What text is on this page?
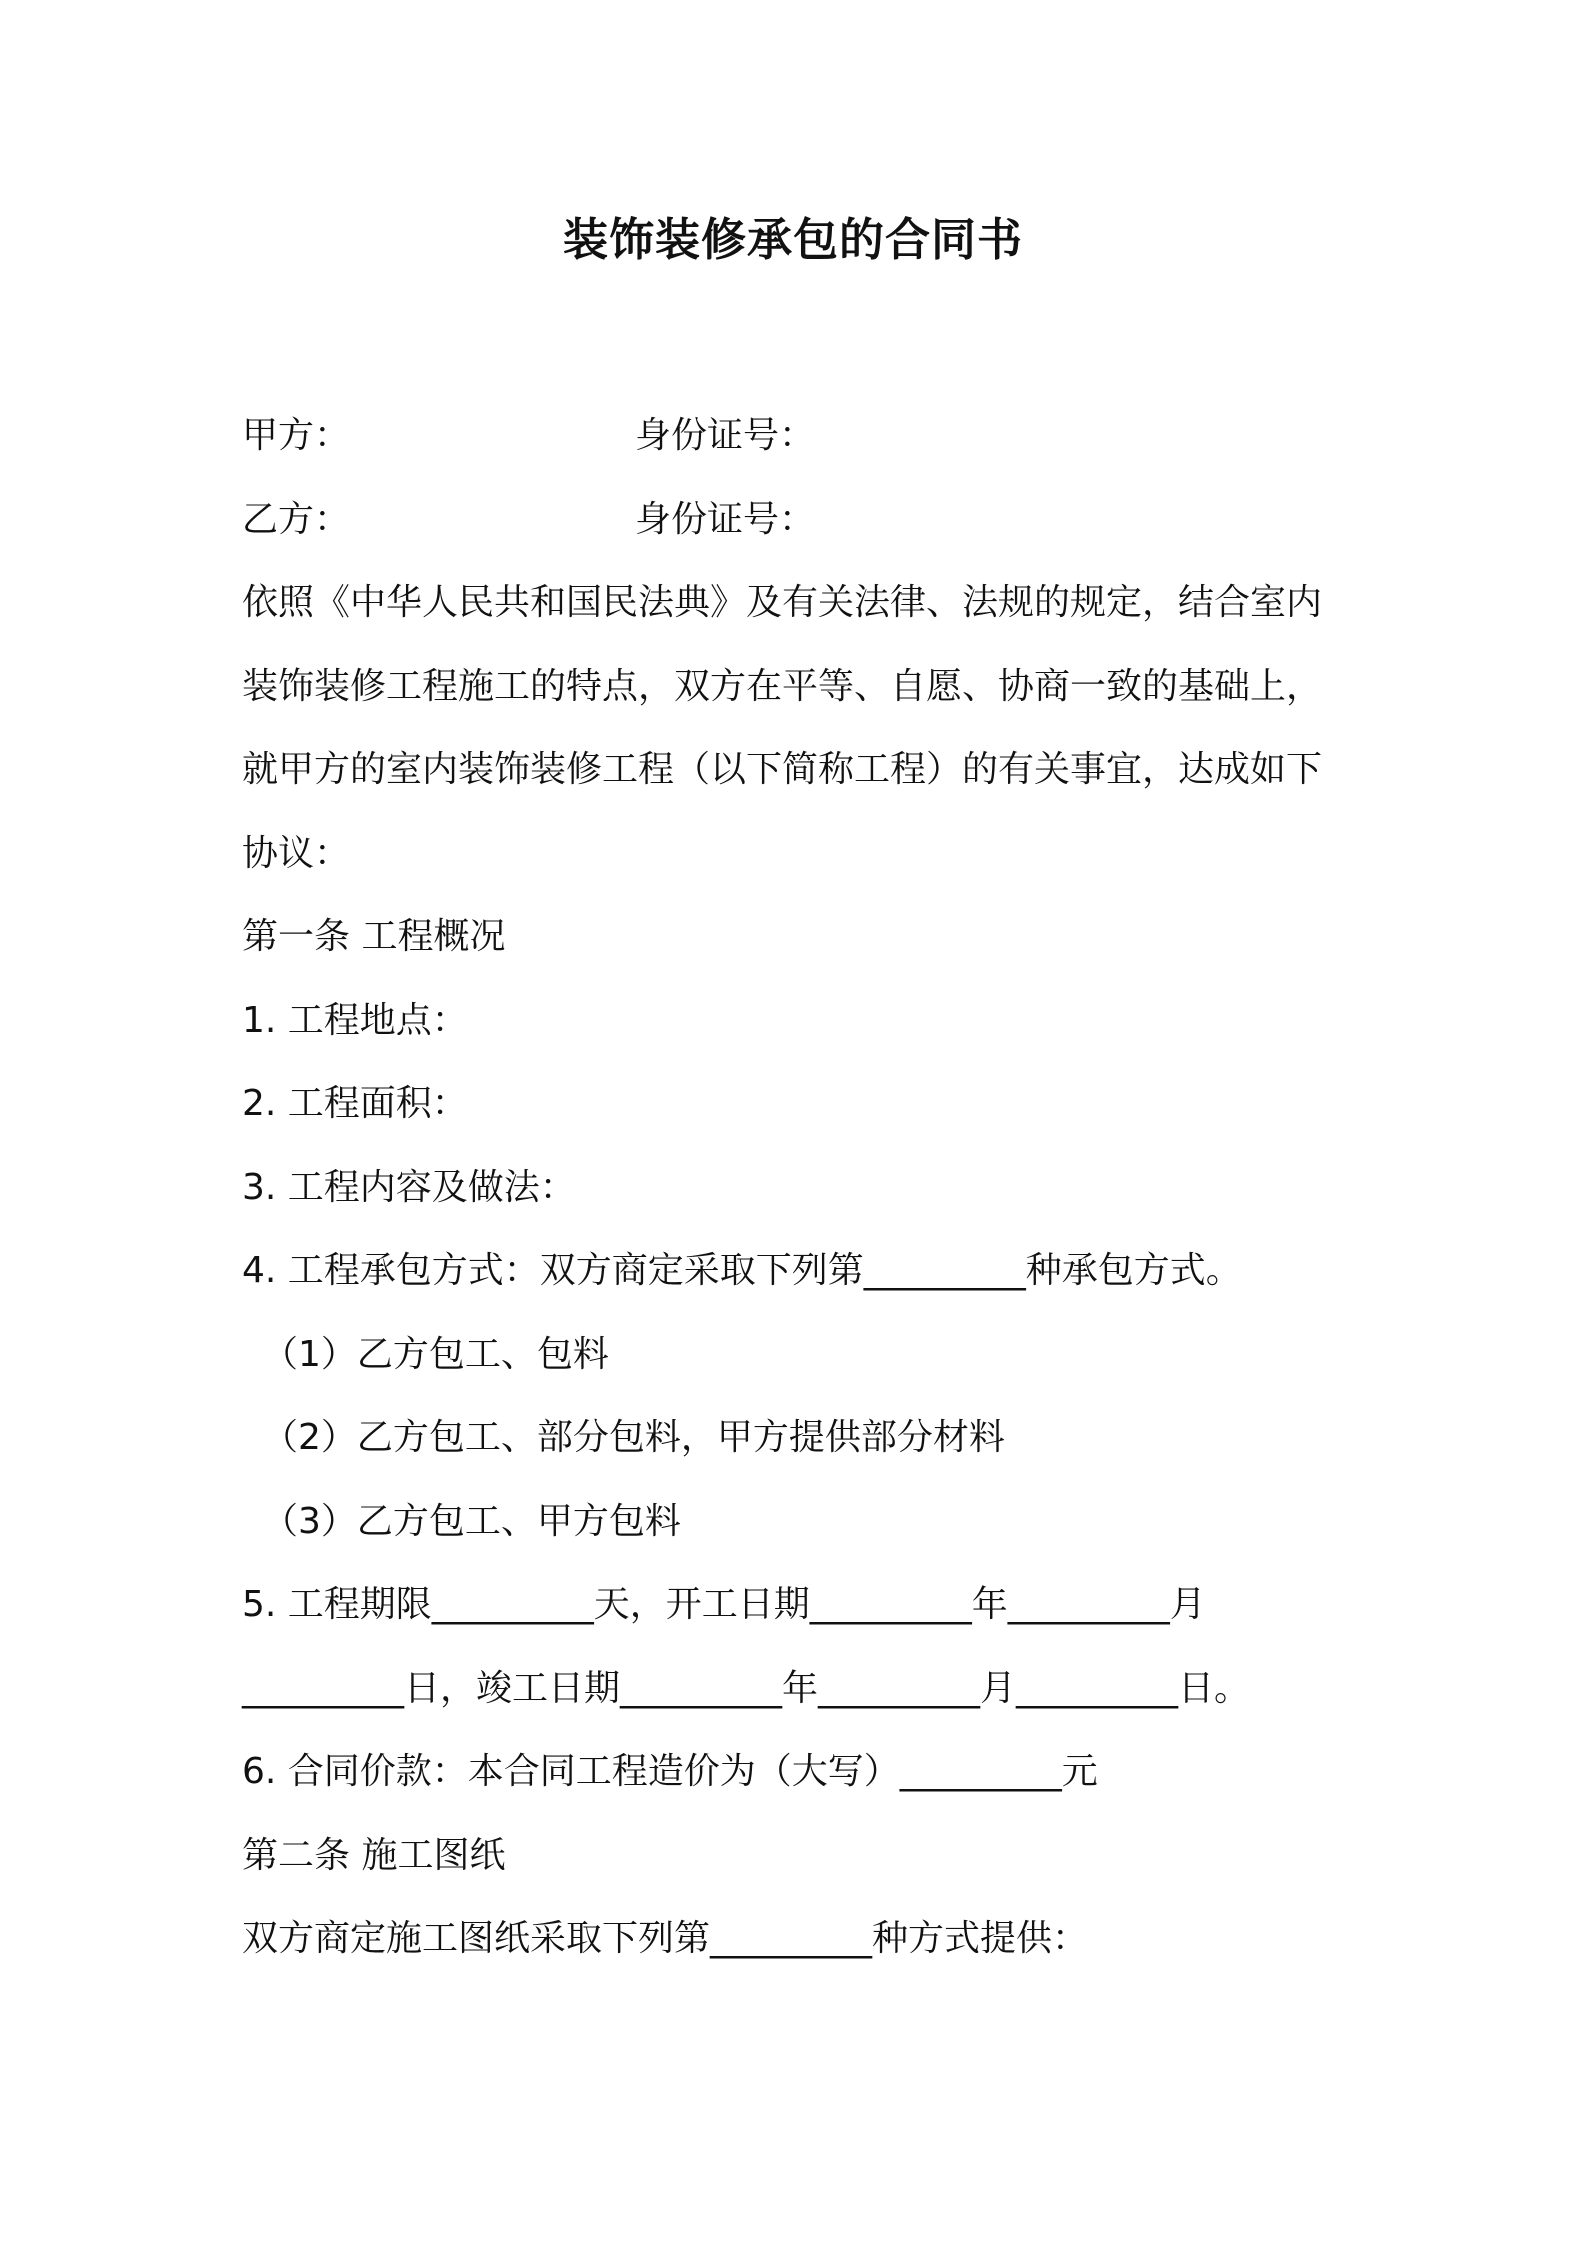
装饰装修承包的合同书
甲方：	身份证号：
乙方：	身份证号：
依照《中华人民共和国民法典》及有关法律、法规的规定，结合室内
装饰装修工程施工的特点，双方在平等、自愿、协商一致的基础上，
就甲方的室内装饰装修工程（以下简称工程）的有关事宜，达成如下
协议：
第一条 工程概况
1. 工程地点：
2. 工程面积：
3. 工程内容及做法：
4. 工程承包方式：双方商定采取下列第_________种承包方式。
（1）乙方包工、包料
（2）乙方包工、部分包料，甲方提供部分材料
（3）乙方包工、甲方包料
5. 工程期限_________天，开工日期_________年_________月
_________日，竣工日期_________年_________月_________日。
6. 合同价款：本合同工程造价为（大写）_________元
第二条 施工图纸
双方商定施工图纸采取下列第_________种方式提供：
